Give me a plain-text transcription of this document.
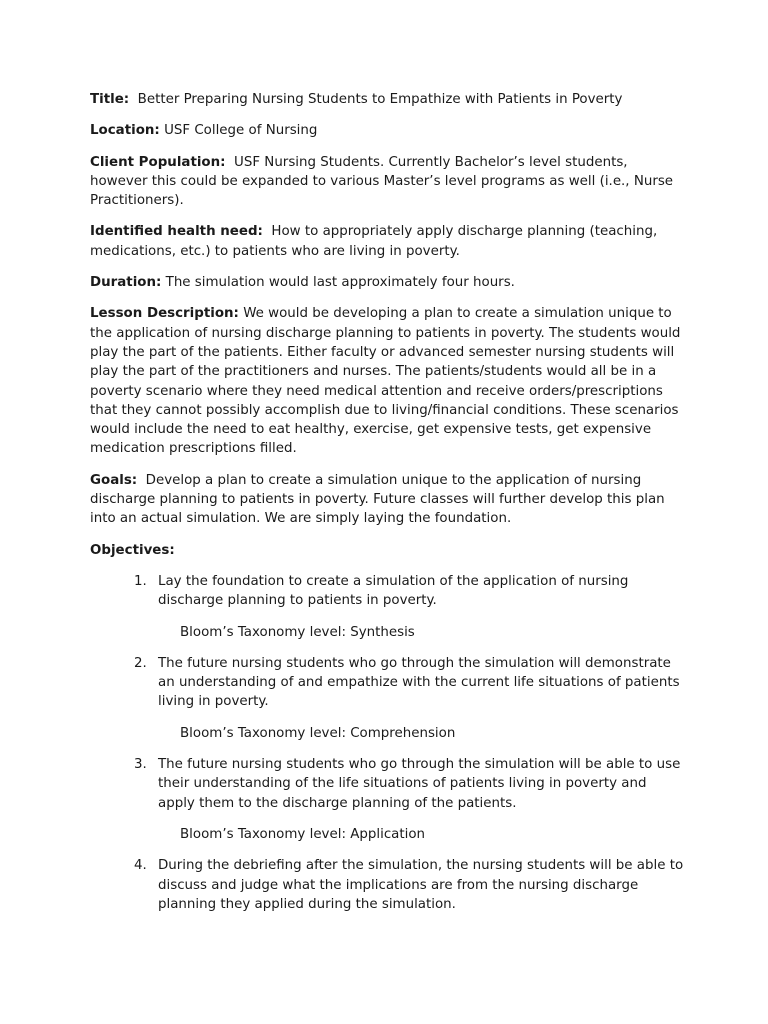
Title: Better Preparing Nursing Students to Empathize with Patients in Poverty

Location: USF College of Nursing

Client Population: USF Nursing Students. Currently Bachelor’s level students, however this could be expanded to various Master’s level programs as well (i.e., Nurse Practitioners).

Identified health need: How to appropriately apply discharge planning (teaching, medications, etc.) to patients who are living in poverty.

Duration: The simulation would last approximately four hours.

Lesson Description: We would be developing a plan to create a simulation unique to the application of nursing discharge planning to patients in poverty. The students would play the part of the patients. Either faculty or advanced semester nursing students will play the part of the practitioners and nurses. The patients/students would all be in a poverty scenario where they need medical attention and receive orders/prescriptions that they cannot possibly accomplish due to living/financial conditions. These scenarios would include the need to eat healthy, exercise, get expensive tests, get expensive medication prescriptions filled.

Goals: Develop a plan to create a simulation unique to the application of nursing discharge planning to patients in poverty. Future classes will further develop this plan into an actual simulation. We are simply laying the foundation.

Objectives:

1. Lay the foundation to create a simulation of the application of nursing discharge planning to patients in poverty.
Bloom’s Taxonomy level: Synthesis
2. The future nursing students who go through the simulation will demonstrate an understanding of and empathize with the current life situations of patients living in poverty.
Bloom’s Taxonomy level: Comprehension
3. The future nursing students who go through the simulation will be able to use their understanding of the life situations of patients living in poverty and apply them to the discharge planning of the patients.
Bloom’s Taxonomy level: Application
4. During the debriefing after the simulation, the nursing students will be able to discuss and judge what the implications are from the nursing discharge planning they applied during the simulation.
